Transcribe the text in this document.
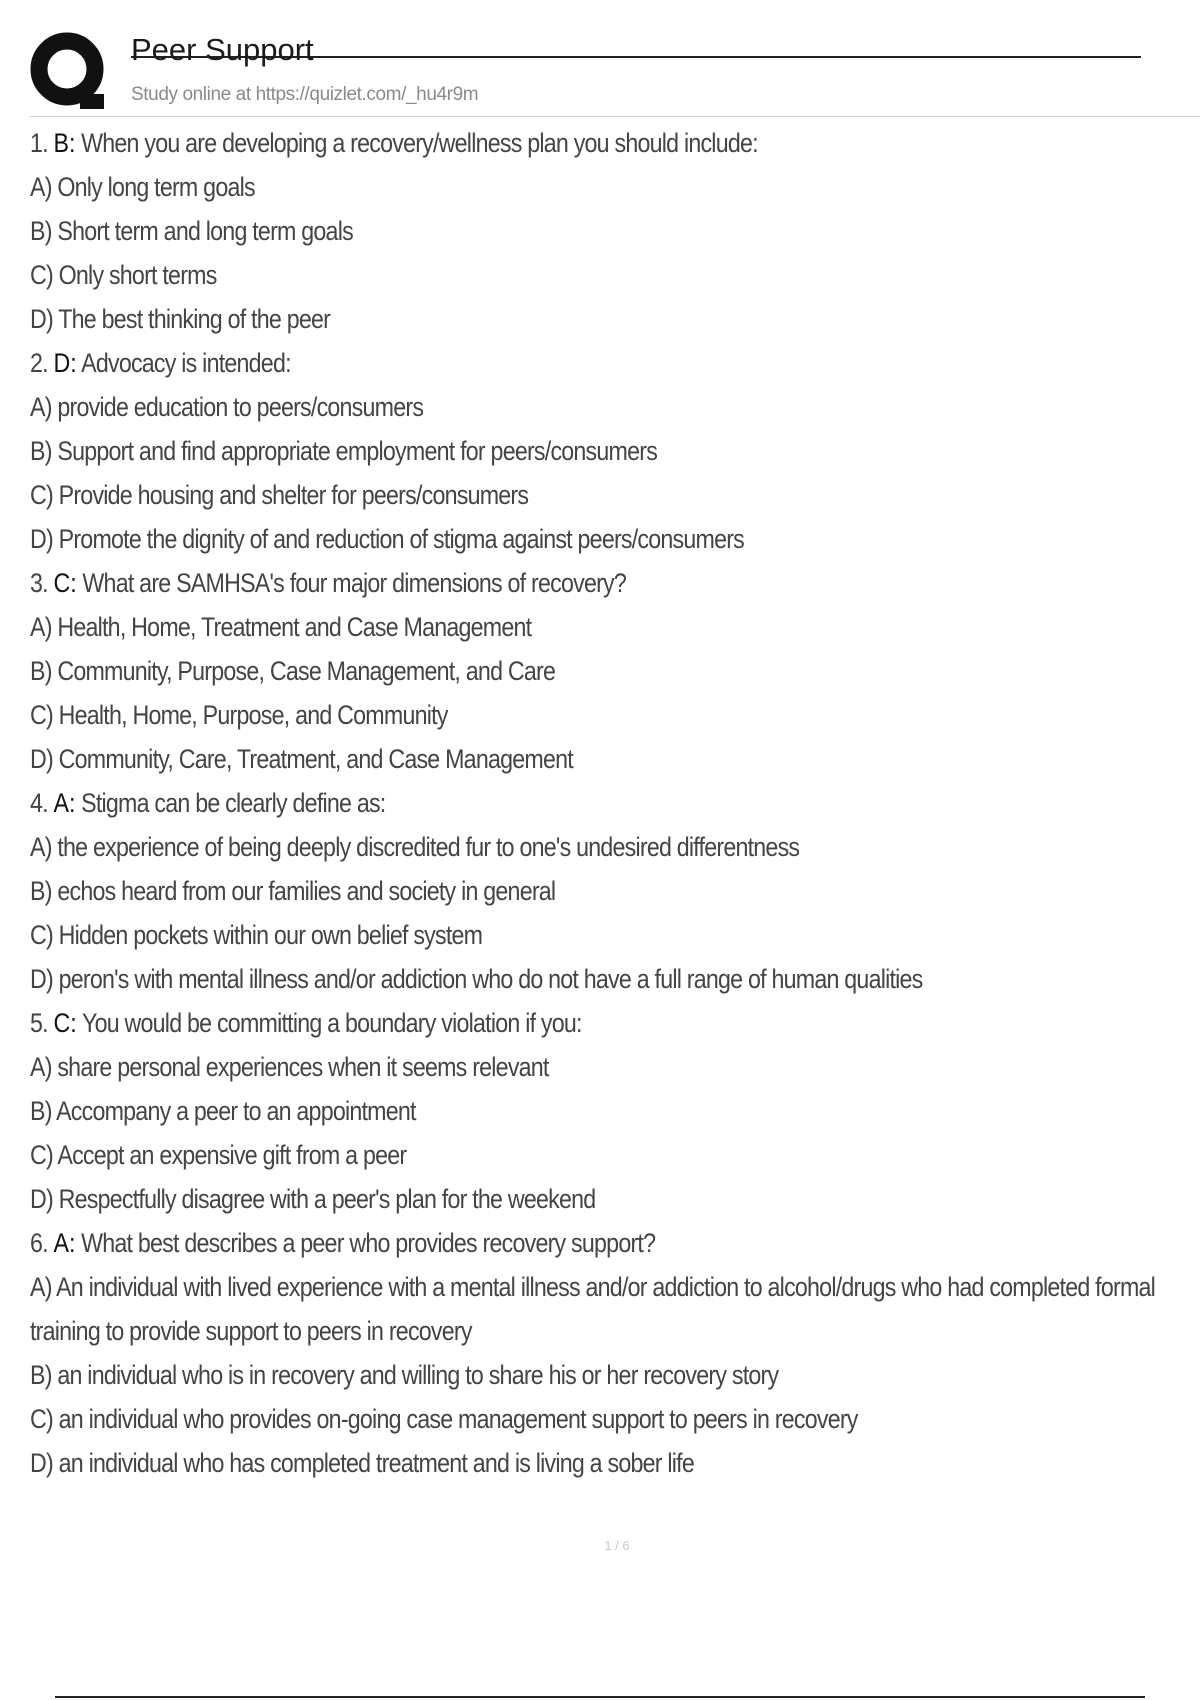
Peer Support
Study online at https://quizlet.com/_hu4r9m
1. B: When you are developing a recovery/wellness plan you should include:
A) Only long term goals
B) Short term and long term goals
C) Only short terms
D) The best thinking of the peer
2. D: Advocacy is intended:
A) provide education to peers/consumers
B) Support and find appropriate employment for peers/consumers
C) Provide housing and shelter for peers/consumers
D) Promote the dignity of and reduction of stigma against peers/consumers
3. C: What are SAMHSA's four major dimensions of recovery?
A) Health, Home, Treatment and Case Management
B) Community, Purpose, Case Management, and Care
C) Health, Home, Purpose, and Community
D) Community, Care, Treatment, and Case Management
4. A: Stigma can be clearly define as:
A) the experience of being deeply discredited fur to one's undesired differentness
B) echos heard from our families and society in general
C) Hidden pockets within our own belief system
D) peron's with mental illness and/or addiction who do not have a full range of human qualities
5. C: You would be committing a boundary violation if you:
A) share personal experiences when it seems relevant
B) Accompany a peer to an appointment
C) Accept an expensive gift from a peer
D) Respectfully disagree with a peer's plan for the weekend
6. A: What best describes a peer who provides recovery support?
A) An individual with lived experience with a mental illness and/or addiction to alcohol/drugs who had completed formal training to provide support to peers in recovery
B) an individual who is in recovery and willing to share his or her recovery story
C) an individual who provides on-going case management support to peers in recovery
D) an individual who has completed treatment and is living a sober life
1 / 6
